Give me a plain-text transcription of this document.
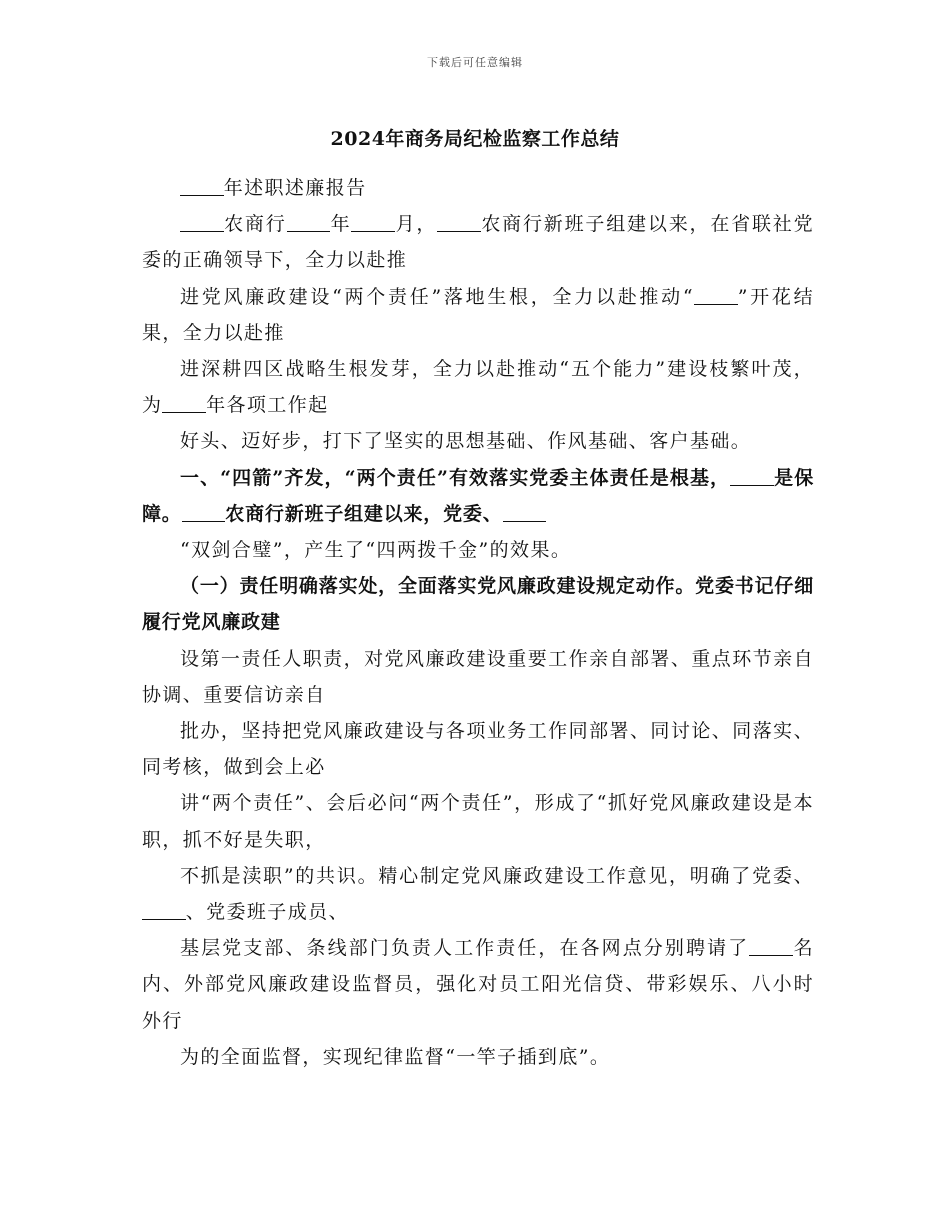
下载后可任意编辑
2024年商务局纪检监察工作总结

年述职述廉报告

农商行 年 月， 农商行新班子组建以来，在省联社党委的正确领导下，全力以赴推

进党风廉政建设“两个责任”落地生根，全力以赴推动“ ”开花结果，全力以赴推

进深耕四区战略生根发芽，全力以赴推动“五个能力”建设枝繁叶茂，为 年各项工作起

好头、迈好步，打下了坚实的思想基础、作风基础、客户基础。

一、“四箭”齐发，“两个责任”有效落实党委主体责任是根基， 是保障。 农商行新班子组建以来，党委、

“双剑合璧”，产生了“四两拨千金”的效果。

（一）责任明确落实处，全面落实党风廉政建设规定动作。党委书记仔细履行党风廉政建

设第一责任人职责，对党风廉政建设重要工作亲自部署、重点环节亲自协调、重要信访亲自

批办，坚持把党风廉政建设与各项业务工作同部署、同讨论、同落实、同考核，做到会上必

讲“两个责任”、会后必问“两个责任”，形成了“抓好党风廉政建设是本职，抓不好是失职，

不抓是渎职”的共识。精心制定党风廉政建设工作意见，明确了党委、、党委班子成员、

基层党支部、条线部门负责人工作责任，在各网点分别聘请了 名内、外部党风廉政建设监督员，强化对员工阳光信贷、带彩娱乐、八小时外行

为的全面监督，实现纪律监督“一竿子插到底”。
